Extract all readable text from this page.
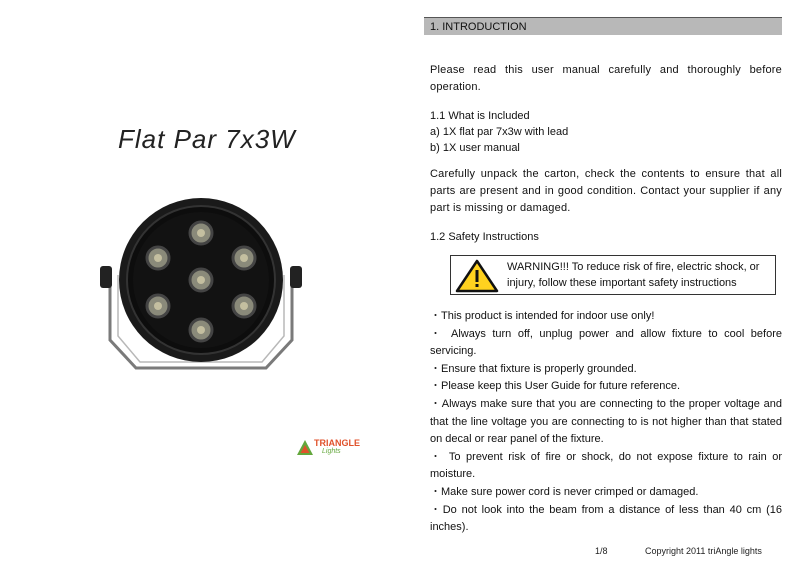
Flat Par 7x3W
TRIANGLE
Lights
1. INTRODUCTION
Please read this user manual carefully and thoroughly before operation.
1.1 What is Included
a) 1X flat par 7x3w with lead
b) 1X user manual
Carefully unpack the carton, check the contents to ensure that all parts are present and in good condition. Contact your supplier if any part is missing or damaged.
1.2 Safety Instructions
WARNING!!! To reduce risk of fire, electric shock, or injury, follow these important safety instructions
・This product is intended for indoor use only!
・ Always turn off, unplug power and allow fixture to cool before servicing.
・Ensure that fixture is properly grounded.
・Please keep this User Guide for future reference.
・Always make sure that you are connecting to the proper voltage and that the line voltage you are connecting to is not higher than that stated on decal or rear panel of the fixture.
・ To prevent risk of fire or shock, do not expose fixture to rain or moisture.
・Make sure power cord is never crimped or damaged.
・Do not look into the beam from a distance of less than 40 cm (16 inches).
1/8	Copyright 2011 triAngle lights
